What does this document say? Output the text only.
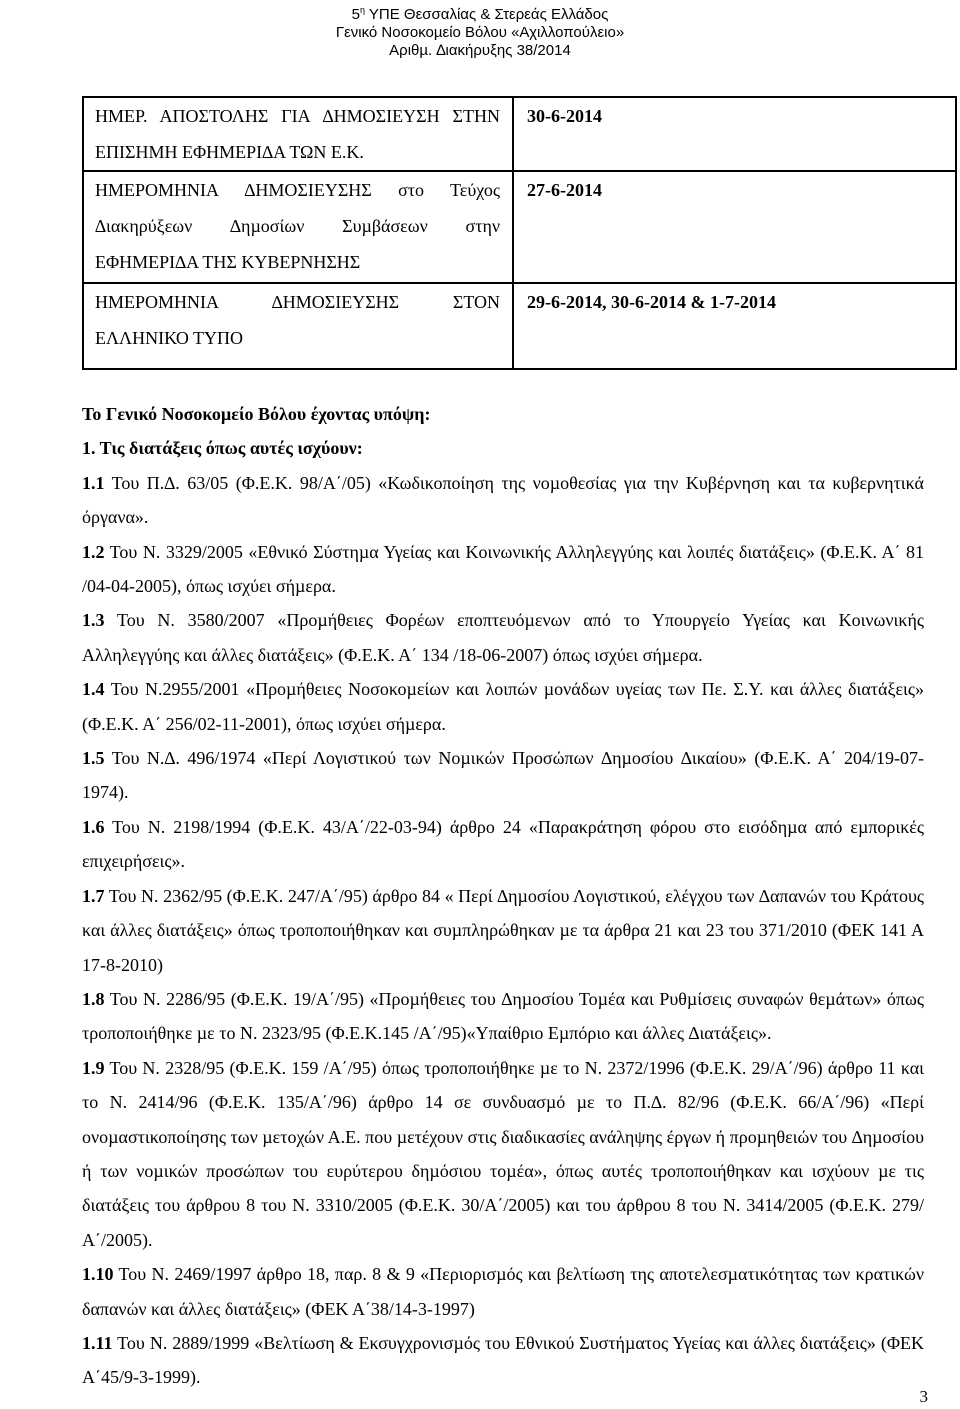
$5^\eta$ ΥΠΕ Θεσσαλίας & Στερεάς Ελλάδος
Γενικό Νοσοκοµείο Βόλου «Αχιλλοπούλειο»
Αριθµ. ∆ιακήρυξης 38/2014
ΗΜΕΡ. ΑΠΟΣΤΟΛΗΣ ΓΙΑ ∆ΗΜΟΣΙΕΥΣΗ ΣΤΗΝ
ΕΠΙΣΗΜΗ ΕΦΗΜΕΡΙ∆Α ΤΩΝ Ε.Κ.	30-6-2014

ΗΜΕΡΟΜΗΝΙΑ ∆ΗΜΟΣΙΕΥΣΗΣ στο Τεύχος
∆ιακηρύξεων ∆ηµοσίων Συµβάσεων στην
ΕΦΗΜΕΡΙ∆Α ΤΗΣ ΚΥΒΕΡΝΗΣΗΣ	27-6-2014

ΗΜΕΡΟΜΗΝΙΑ ∆ΗΜΟΣΙΕΥΣΗΣ ΣΤΟΝ
ΕΛΛΗΝΙΚΟ ΤΥΠΟ	29-6-2014, 30-6-2014 & 1-7-2014

Το Γενικό Νοσοκοµείο Βόλου έχοντας υπόψη:

1. Τις διατάξεις όπως αυτές ισχύουν:

1.1 Του Π.∆. 63/05 (Φ.Ε.Κ. 98/Α΄/05) «Κωδικοποίηση της νοµοθεσίας για την Κυβέρνηση και τα κυβερνητικά όργανα».

1.2 Του Ν. 3329/2005 «Εθνικό Σύστηµα Υγείας και Κοινωνικής Αλληλεγγύης και λοιπές διατάξεις» (Φ.Ε.Κ. Α΄ 81 /04-04-2005), όπως ισχύει σήµερα.

1.3 Του Ν. 3580/2007 «Προµήθειες Φορέων εποπτευόµενων από το Υπουργείο Υγείας και Κοινωνικής Αλληλεγγύης και άλλες διατάξεις» (Φ.Ε.Κ. Α΄ 134 /18-06-2007) όπως ισχύει σήµερα.

1.4 Του Ν.2955/2001 «Προµήθειες Νοσοκοµείων και λοιπών µονάδων υγείας των Πε. Σ.Υ. και άλλες διατάξεις» (Φ.Ε.Κ. Α΄ 256/02-11-2001), όπως ισχύει σήµερα.

1.5 Του Ν.∆. 496/1974 «Περί Λογιστικού των Νοµικών Προσώπων ∆ηµοσίου ∆ικαίου» (Φ.Ε.Κ. Α΄ 204/19-07-1974).

1.6 Του Ν. 2198/1994 (Φ.Ε.Κ. 43/Α΄/22-03-94) άρθρο 24 «Παρακράτηση φόρου στο εισόδηµα από εµπορικές επιχειρήσεις».

1.7 Του Ν. 2362/95 (Φ.Ε.Κ. 247/Α΄/95) άρθρο 84 « Περί ∆ηµοσίου Λογιστικού, ελέγχου των ∆απανών του Κράτους και άλλες διατάξεις» όπως τροποποιήθηκαν και συµπληρώθηκαν µε τα άρθρα 21 και 23 του 371/2010 (ΦΕΚ 141 Α 17-8-2010)

1.8 Του Ν. 2286/95 (Φ.Ε.Κ. 19/Α΄/95) «Προµήθειες του ∆ηµοσίου Τοµέα και Ρυθµίσεις συναφών θεµάτων» όπως τροποποιήθηκε µε το Ν. 2323/95 (Φ.Ε.Κ.145 /Α΄/95)«Υπαίθριο Εµπόριο και άλλες ∆ιατάξεις».

1.9 Του Ν. 2328/95 (Φ.Ε.Κ. 159 /Α΄/95) όπως τροποποιήθηκε µε το Ν. 2372/1996 (Φ.Ε.Κ. 29/Α΄/96) άρθρο 11 και το Ν. 2414/96 (Φ.Ε.Κ. 135/Α΄/96) άρθρο 14 σε συνδυασµό µε το Π.∆. 82/96 (Φ.Ε.Κ. 66/Α΄/96) «Περί ονοµαστικοποίησης των µετοχών Α.Ε. που µετέχουν στις διαδικασίες ανάληψης έργων ή προµηθειών του ∆ηµοσίου ή των νοµικών προσώπων του ευρύτερου δηµόσιου τοµέα», όπως αυτές τροποποιήθηκαν και ισχύουν µε τις διατάξεις του άρθρου 8 του Ν. 3310/2005 (Φ.Ε.Κ. 30/Α΄/2005) και του άρθρου 8 του Ν. 3414/2005 (Φ.Ε.Κ. 279/Α΄/2005).

1.10 Του Ν. 2469/1997 άρθρο 18, παρ. 8 & 9 «Περιορισµός και βελτίωση της αποτελεσµατικότητας των κρατικών δαπανών και άλλες διατάξεις» (ΦΕΚ Α΄38/14-3-1997)

1.11 Του Ν. 2889/1999 «Βελτίωση & Εκσυγχρονισµός του Εθνικού Συστήµατος Υγείας και άλλες διατάξεις» (ΦΕΚ Α΄45/9-3-1999).

3
